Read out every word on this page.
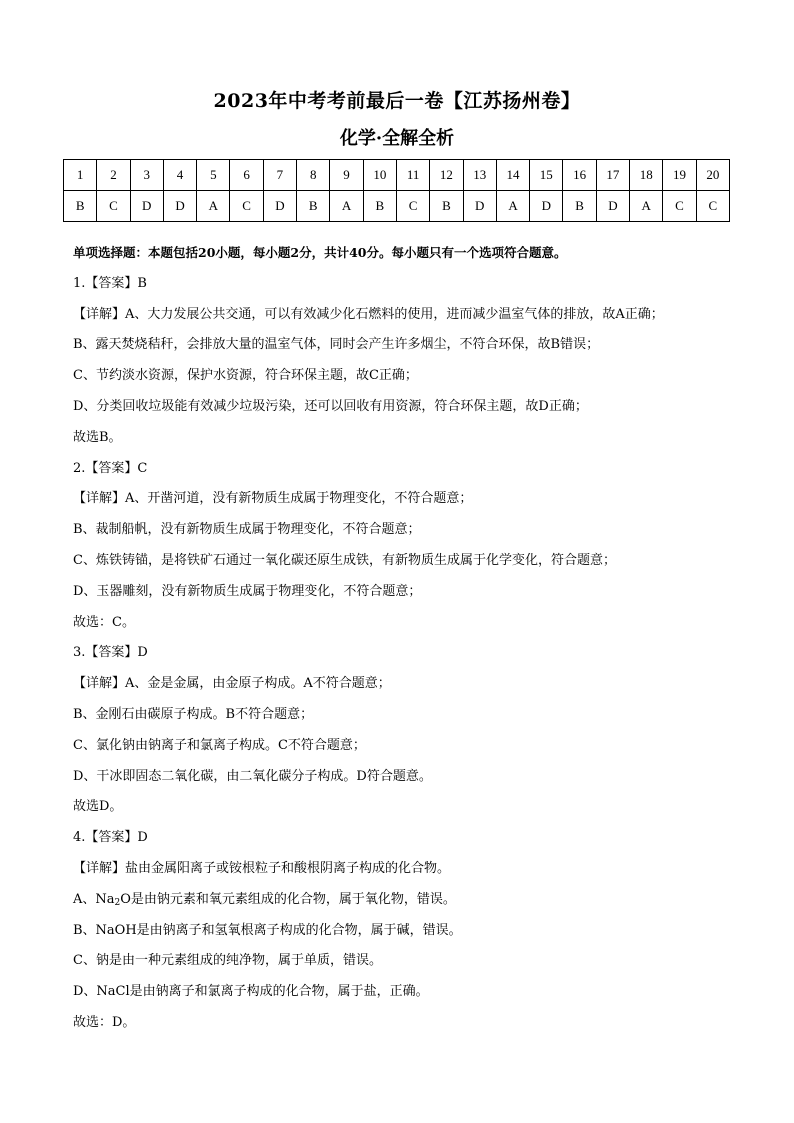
2023年中考考前最后一卷【江苏扬州卷】
化学·全解全析
1	2	3	4	5	6	7	8	9	10	11	12	13	14	15	16	17	18	19	20
B	C	D	D	A	C	D	B	A	B	C	B	D	A	D	B	D	A	C	C
单项选择题：本题包括20小题，每小题2分，共计40分。每小题只有一个选项符合题意。
1.【答案】B
【详解】A、大力发展公共交通，可以有效减少化石燃料的使用，进而减少温室气体的排放，故A正确；
B、露天焚烧秸秆，会排放大量的温室气体，同时会产生许多烟尘，不符合环保，故B错误；
C、节约淡水资源，保护水资源，符合环保主题，故C正确；
D、分类回收垃圾能有效减少垃圾污染，还可以回收有用资源，符合环保主题，故D正确；
故选B。
2.【答案】C
【详解】A、开凿河道，没有新物质生成属于物理变化，不符合题意；
B、裁制船帆，没有新物质生成属于物理变化，不符合题意；
C、炼铁铸锚，是将铁矿石通过一氧化碳还原生成铁，有新物质生成属于化学变化，符合题意；
D、玉器雕刻，没有新物质生成属于物理变化，不符合题意；
故选：C。
3.【答案】D
【详解】A、金是金属，由金原子构成。A不符合题意；
B、金刚石由碳原子构成。B不符合题意；
C、氯化钠由钠离子和氯离子构成。C不符合题意；
D、干冰即固态二氧化碳，由二氧化碳分子构成。D符合题意。
故选D。
4.【答案】D
【详解】盐由金属阳离子或铵根粒子和酸根阴离子构成的化合物。
A、$Na_2O$是由钠元素和氧元素组成的化合物，属于氧化物，错误。
B、NaOH是由钠离子和氢氧根离子构成的化合物，属于碱，错误。
C、钠是由一种元素组成的纯净物，属于单质，错误。
D、NaCl是由钠离子和氯离子构成的化合物，属于盐，正确。
故选：D。
